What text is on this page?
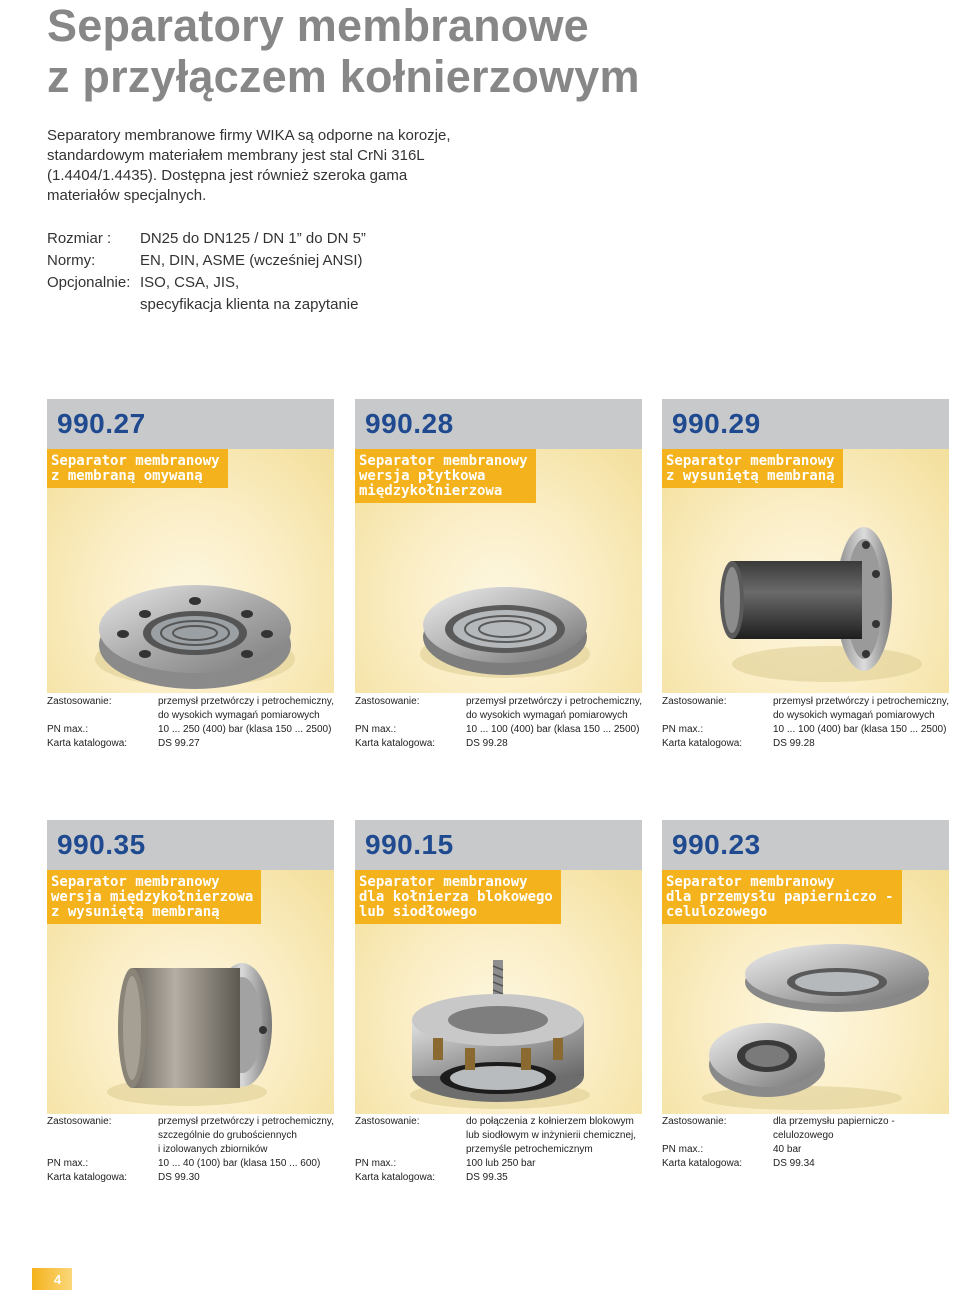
Separatory membranowe
z przyłączem kołnierzowym
Separatory membranowe firmy WIKA są odporne na korozje, standardowym materiałem membrany jest stal CrNi 316L (1.4404/1.4435). Dostępna jest również szeroka gama materiałów specjalnych.
Rozmiar :	DN25 do DN125 / DN 1” do DN 5”
Normy:	EN, DIN, ASME (wcześniej ANSI)
Opcjonalnie: ISO, CSA, JIS,
specyfikacja klienta na zapytanie
990.27
Separator membranowy
z membraną omywaną
990.28
Separator membranowy
wersja płytkowa
międzykołnierzowa
990.29
Separator membranowy
z wysuniętą membraną
Zastosowanie:	przemysł przetwórczy i petrochemiczny,
do wysokich wymagań pomiarowych
PN max.:	10 ... 250 (400) bar (klasa 150 ... 2500)
Karta katalogowa:	DS 99.27
Zastosowanie:	przemysł przetwórczy i petrochemiczny,
do wysokich wymagań pomiarowych
PN max.:	10 ... 100 (400) bar (klasa 150 ... 2500)
Karta katalogowa:	DS 99.28
Zastosowanie:	przemysł przetwórczy i petrochemiczny,
do wysokich wymagań pomiarowych
PN max.:	10 ... 100 (400) bar (klasa 150 ... 2500)
Karta katalogowa:	DS 99.28
990.35
Separator membranowy
wersja międzykołnierzowa
z wysuniętą membraną
990.15
Separator membranowy
dla kołnierza blokowego
lub siodłowego
990.23
Separator membranowy
dla przemysłu papierniczo -
celulozowego
Zastosowanie:	przemysł przetwórczy i petrochemiczny,
szczególnie do grubościennych
i izolowanych zbiorników
PN max.:	10 ... 40 (100) bar (klasa 150 ... 600)
Karta katalogowa:	DS 99.30
Zastosowanie:	do połączenia z kołnierzem blokowym
lub siodłowym w inżynierii chemicznej,
przemyśle petrochemicznym
PN max.:	100 lub 250 bar
Karta katalogowa:	DS 99.35
Zastosowanie:	dla przemysłu papierniczo -
celulozowego
PN max.:	40 bar
Karta katalogowa:	DS 99.34
4
